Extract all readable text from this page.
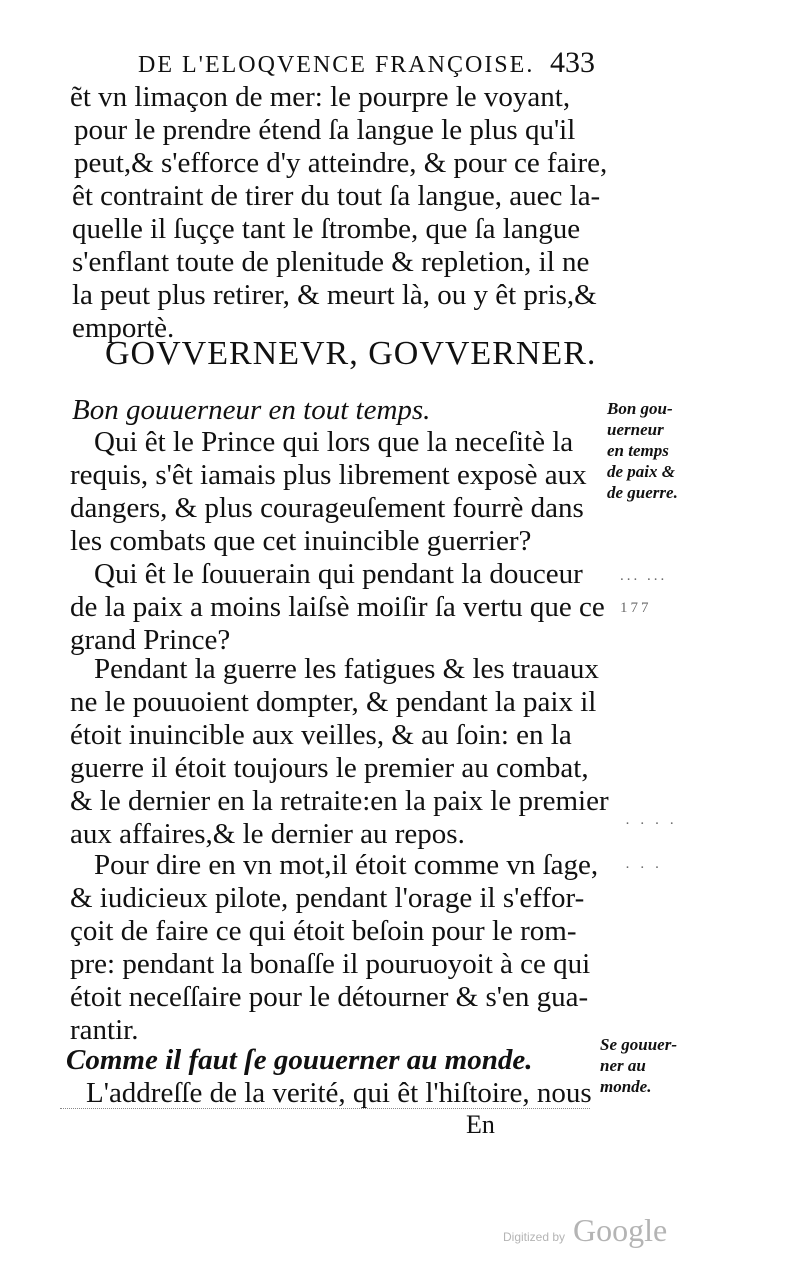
DE L'ELOQVENCE FRANÇOISE. 433
ẽt vn limaçon de mer: le pourpre le voyant,
pour le prendre étend ſa langue le plus qu'il
peut,& s'efforce d'y atteindre, & pour ce faire,
êt contraint de tirer du tout ſa langue, auec la-
quelle il ſuççe tant le ſtrombe, que ſa langue
s'enflant toute de plenitude & repletion, il ne
la peut plus retirer, & meurt là, ou y êt pris,&
emportè.
GOVVERNEVR, GOVVERNER.
Bon gouuerneur en tout temps.
Qui êt le Prince qui lors que la neceſitè la
requis, s'êt iamais plus librement exposè aux
dangers, & plus courageuſement fourrè dans
les combats que cet inuincible guerrier?
Qui êt le ſouuerain qui pendant la douceur
de la paix a moins laiſsè moiſir ſa vertu que ce
grand Prince?
Pendant la guerre les fatigues & les trauaux
ne le pouuoient dompter, & pendant la paix il
étoit inuincible aux veilles, & au ſoin: en la
guerre il étoit toujours le premier au combat,
& le dernier en la retraite:en la paix le premier
aux affaires,& le dernier au repos.
Pour dire en vn mot,il étoit comme vn ſage,
& iudicieux pilote, pendant l'orage il s'effor-
çoit de faire ce qui étoit beſoin pour le rom-
pre: pendant la bonaſſe il pouruoyoit à ce qui
étoit neceſſaire pour le détourner & s'en gua-
rantir.
Comme il faut ſe gouuerner au monde.
L'addreſſe de la verité, qui êt l'hiſtoire, nous
En
Bon gou-
uerneur
en temps
de paix &
de guerre.
Se gouuer-
ner au
monde.
... ...
177
· · · ·
· · ·
Digitized by Google
